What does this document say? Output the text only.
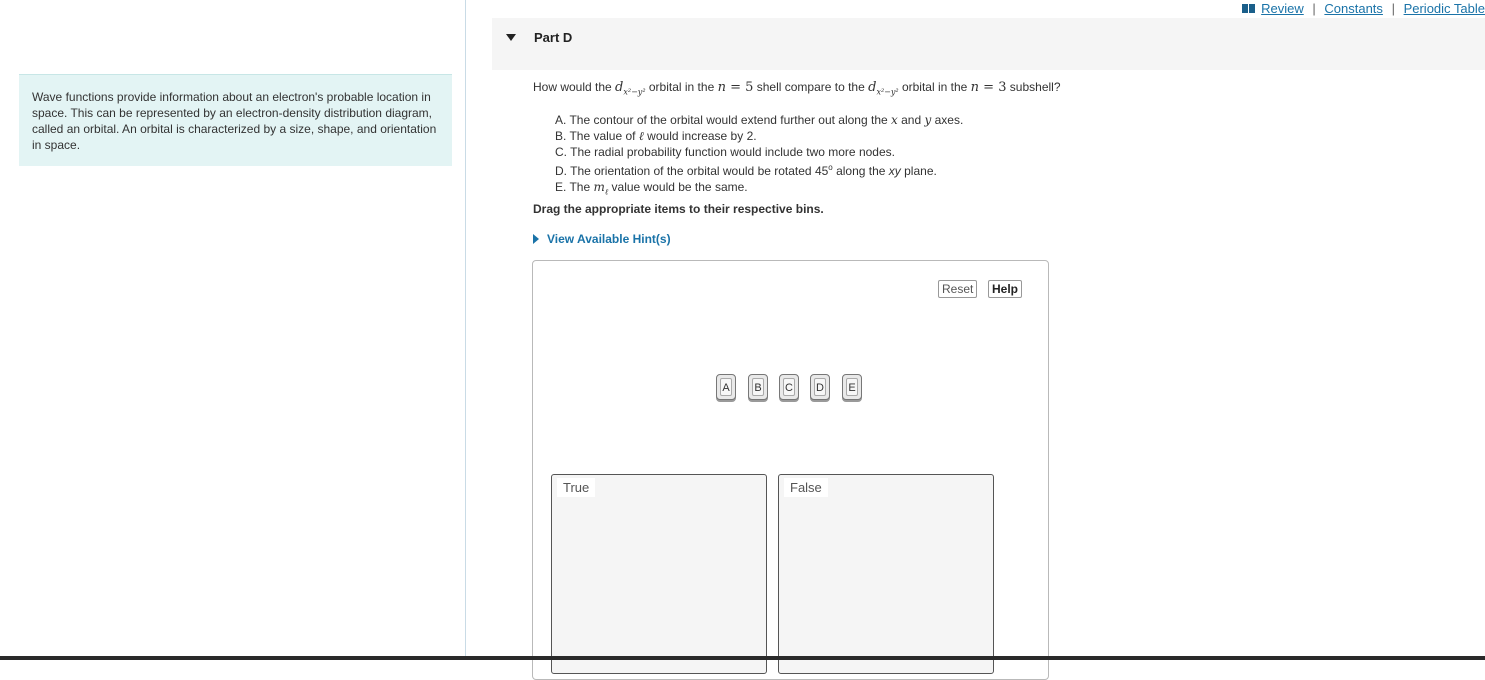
Wave functions provide information about an electron's probable location in space. This can be represented by an electron-density distribution diagram, called an orbital. An orbital is characterized by a size, shape, and orientation in space.
Review | Constants | Periodic Table
Part D
How would the $d_{x^2-y^2}$ orbital in the n = 5 shell compare to the $d_{x^2-y^2}$ orbital in the n = 3 subshell?
A. The contour of the orbital would extend further out along the x and y axes.
B. The value of ℓ would increase by 2.
C. The radial probability function would include two more nodes.
D. The orientation of the orbital would be rotated 45$^o$ along the xy plane.
E. The $m_\ell$ value would be the same.
Drag the appropriate items to their respective bins.
View Available Hint(s)
Reset	Help
A B C D E
True	False
